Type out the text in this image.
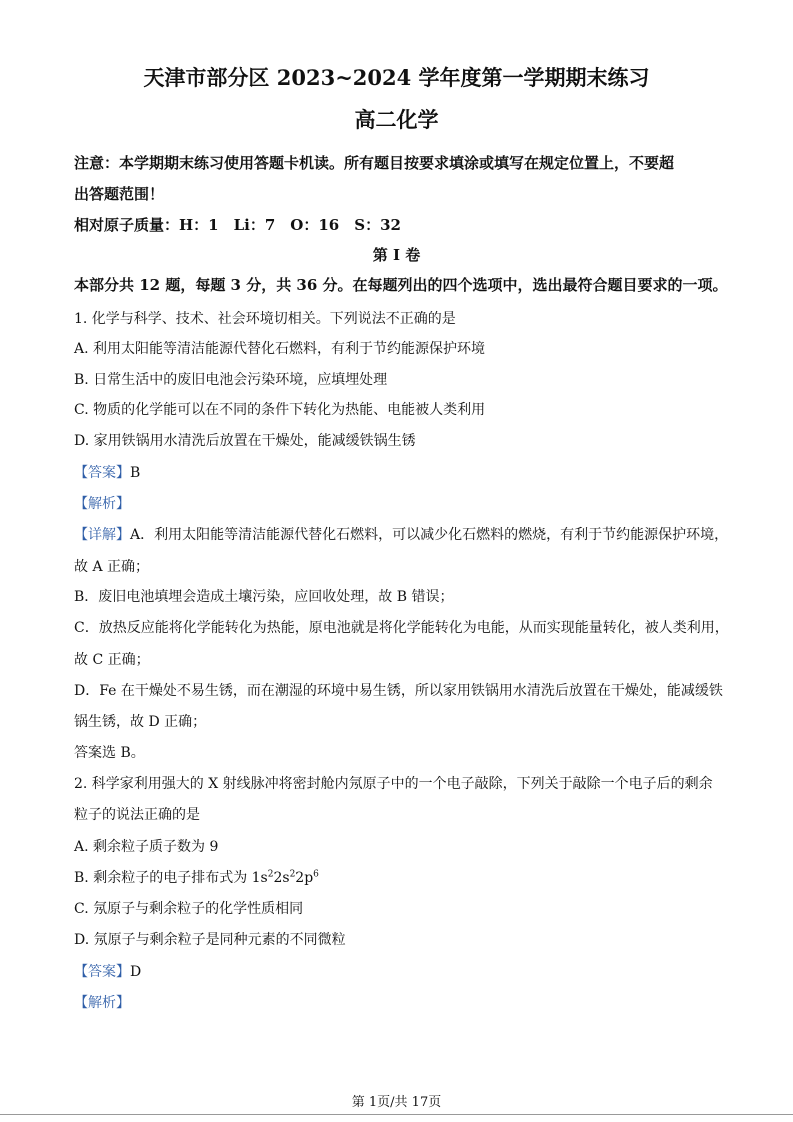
天津市部分区 2023~2024 学年度第一学期期末练习
高二化学
注意：本学期期末练习使用答题卡机读。所有题目按要求填涂或填写在规定位置上，不要超
出答题范围！
相对原子质量：H：1　Li：7　O：16　S：32
第 I 卷
本部分共 12 题，每题 3 分，共 36 分。在每题列出的四个选项中，选出最符合题目要求的一项。
1. 化学与科学、技术、社会环境切相关。下列说法不正确的是
A. 利用太阳能等清洁能源代替化石燃料，有利于节约能源保护环境
B. 日常生活中的废旧电池会污染环境，应填埋处理
C. 物质的化学能可以在不同的条件下转化为热能、电能被人类利用
D. 家用铁锅用水清洗后放置在干燥处，能减缓铁锅生锈
【答案】B
【解析】
【详解】A．利用太阳能等清洁能源代替化石燃料，可以减少化石燃料的燃烧，有利于节约能源保护环境，
故 A 正确；
B．废旧电池填埋会造成土壤污染，应回收处理，故 B 错误；
C．放热反应能将化学能转化为热能，原电池就是将化学能转化为电能，从而实现能量转化，被人类利用，
故 C 正确；
D．Fe 在干燥处不易生锈，而在潮湿的环境中易生锈，所以家用铁锅用水清洗后放置在干燥处，能减缓铁
锅生锈，故 D 正确；
答案选 B。
2. 科学家利用强大的 X 射线脉冲将密封舱内氖原子中的一个电子敲除，下列关于敲除一个电子后的剩余
粒子的说法正确的是
A. 剩余粒子质子数为 9
B. 剩余粒子的电子排布式为 $1s^22s^22p^6$
C. 氖原子与剩余粒子的化学性质相同
D. 氖原子与剩余粒子是同种元素的不同微粒
【答案】D
【解析】
第 1页/共 17页
